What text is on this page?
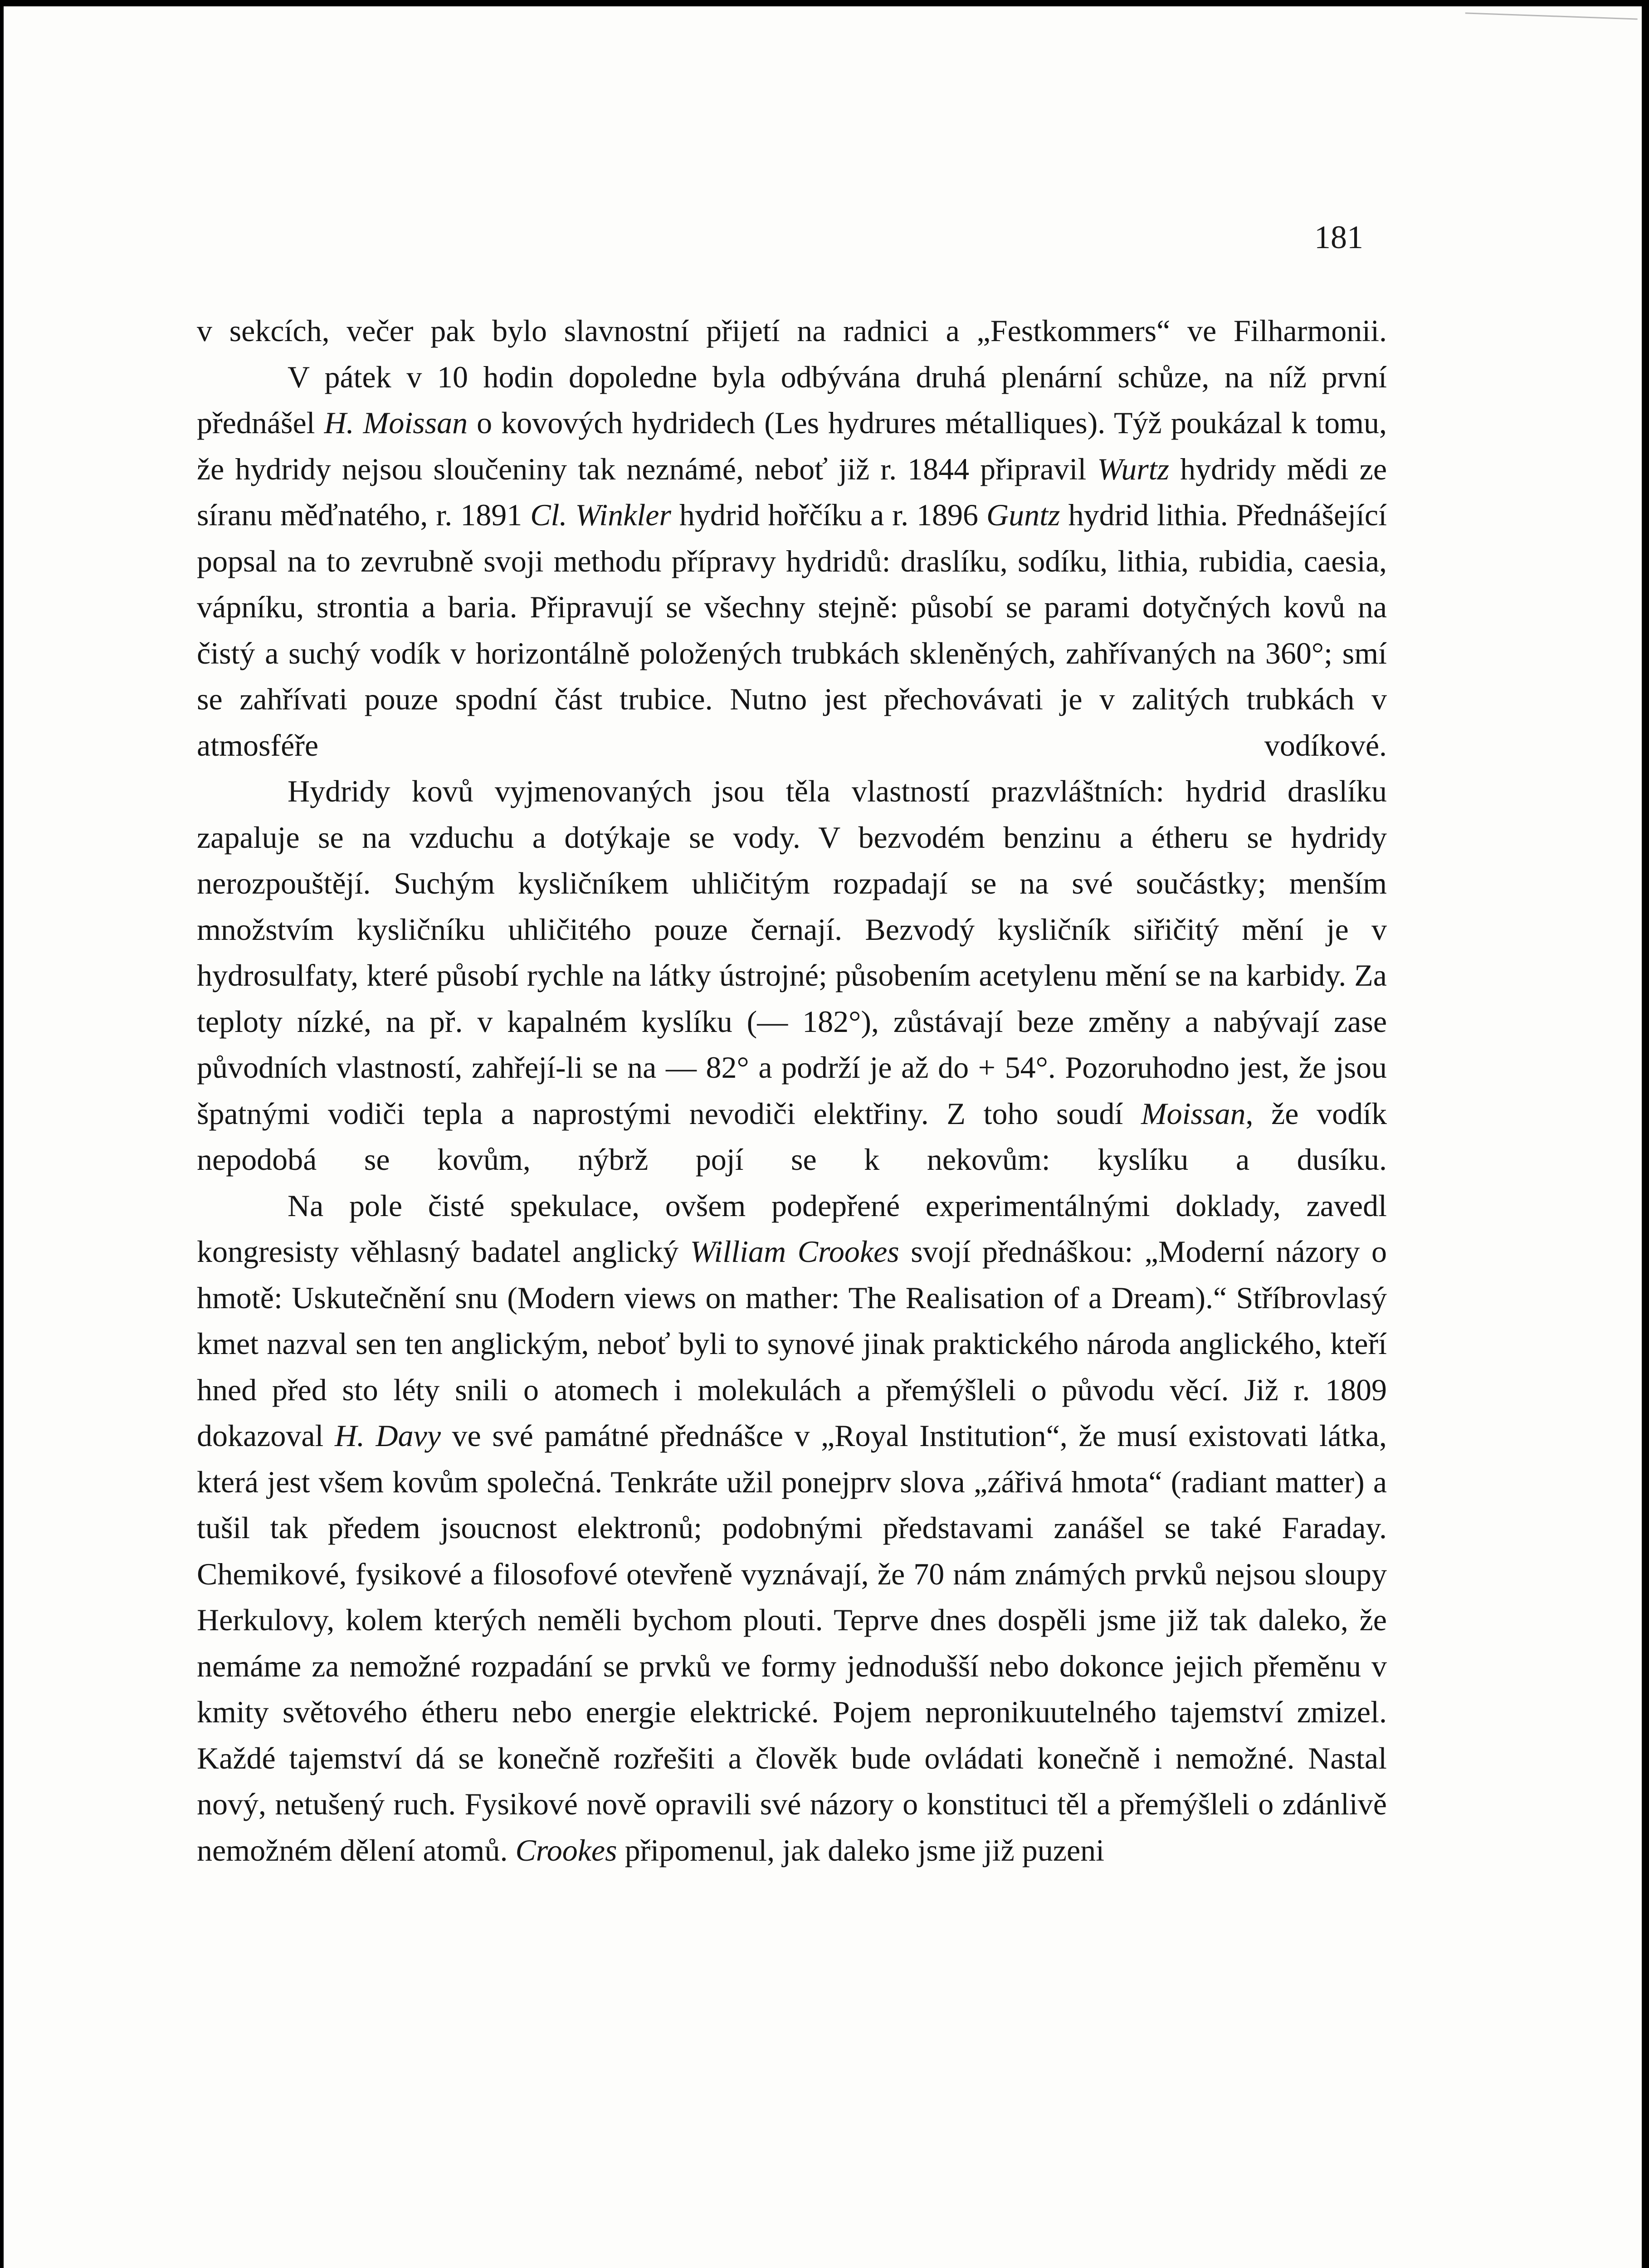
181

v sekcích, večer pak bylo slavnostní přijetí na radnici a „Festkommers“ ve Filharmonii.

V pátek v 10 hodin dopoledne byla odbývána druhá plenární schůze, na níž první přednášel H. Moissan o kovových hydridech (Les hydrures métalliques). Týž poukázal k tomu, že hydridy nejsou sloučeniny tak neznámé, neboť již r. 1844 připravil Wurtz hydridy mědi ze síranu měďnatého, r. 1891 Cl. Winkler hydrid hořčíku a r. 1896 Guntz hydrid lithia. Přednášející popsal na to zevrubně svoji methodu přípravy hydridů: draslíku, sodíku, lithia, rubidia, caesia, vápníku, strontia a baria. Připravují se všechny stejně: působí se parami dotyčných kovů na čistý a suchý vodík v horizontálně položených trubkách skleněných, zahřívaných na 360°; smí se zahřívati pouze spodní část trubice. Nutno jest přechovávati je v zalitých trubkách v atmosféře vodíkové.

Hydridy kovů vyjmenovaných jsou těla vlastností prazvláštních: hydrid draslíku zapaluje se na vzduchu a dotýkaje se vody. V bezvodém benzinu a étheru se hydridy nerozpouštějí. Suchým kysličníkem uhličitým rozpadají se na své součástky; menším množstvím kysličníku uhličitého pouze černají. Bezvodý kysličník siřičitý mění je v hydrosulfaty, které působí rychle na látky ústrojné; působením acetylenu mění se na karbidy. Za teploty nízké, na př. v kapalném kyslíku (— 182°), zůstávají beze změny a nabývají zase původních vlastností, zahřejí-li se na — 82° a podrží je až do + 54°. Pozoruhodno jest, že jsou špatnými vodiči tepla a naprostými nevodiči elektřiny. Z toho soudí Moissan, že vodík nepodobá se kovům, nýbrž pojí se k nekovům: kyslíku a dusíku.

Na pole čisté spekulace, ovšem podepřené experimentálnými doklady, zavedl kongresisty věhlasný badatel anglický William Crookes svojí přednáškou: „Moderní názory o hmotě: Uskutečnění snu (Modern views on mather: The Realisation of a Dream).“ Stříbrovlasý kmet nazval sen ten anglickým, neboť byli to synové jinak praktického národa anglického, kteří hned před sto léty snili o atomech i molekulách a přemýšleli o původu věcí. Již r. 1809 dokazoval H. Davy ve své památné přednášce v „Royal Institution“, že musí existovati látka, která jest všem kovům společná. Tenkráte užil ponejprv slova „zářivá hmota“ (radiant matter) a tušil tak předem jsoucnost elektronů; podobnými představami zanášel se také Faraday. Chemikové, fysikové a filosofové otevřeně vyznávají, že 70 nám známých prvků nejsou sloupy Herkulovy, kolem kterých neměli bychom plouti. Teprve dnes dospěli jsme již tak daleko, že nemáme za nemožné rozpadání se prvků ve formy jednodušší nebo dokonce jejich přeměnu v kmity světového étheru nebo energie elektrické. Pojem nepronikuutelného tajemství zmizel. Každé tajemství dá se konečně rozřešiti a člověk bude ovládati konečně i nemožné. Nastal nový, netušený ruch. Fysikové nově opravili své názory o konstituci těl a přemýšleli o zdánlivě nemožném dělení atomů. Crookes připomenul, jak daleko jsme již puzeni
